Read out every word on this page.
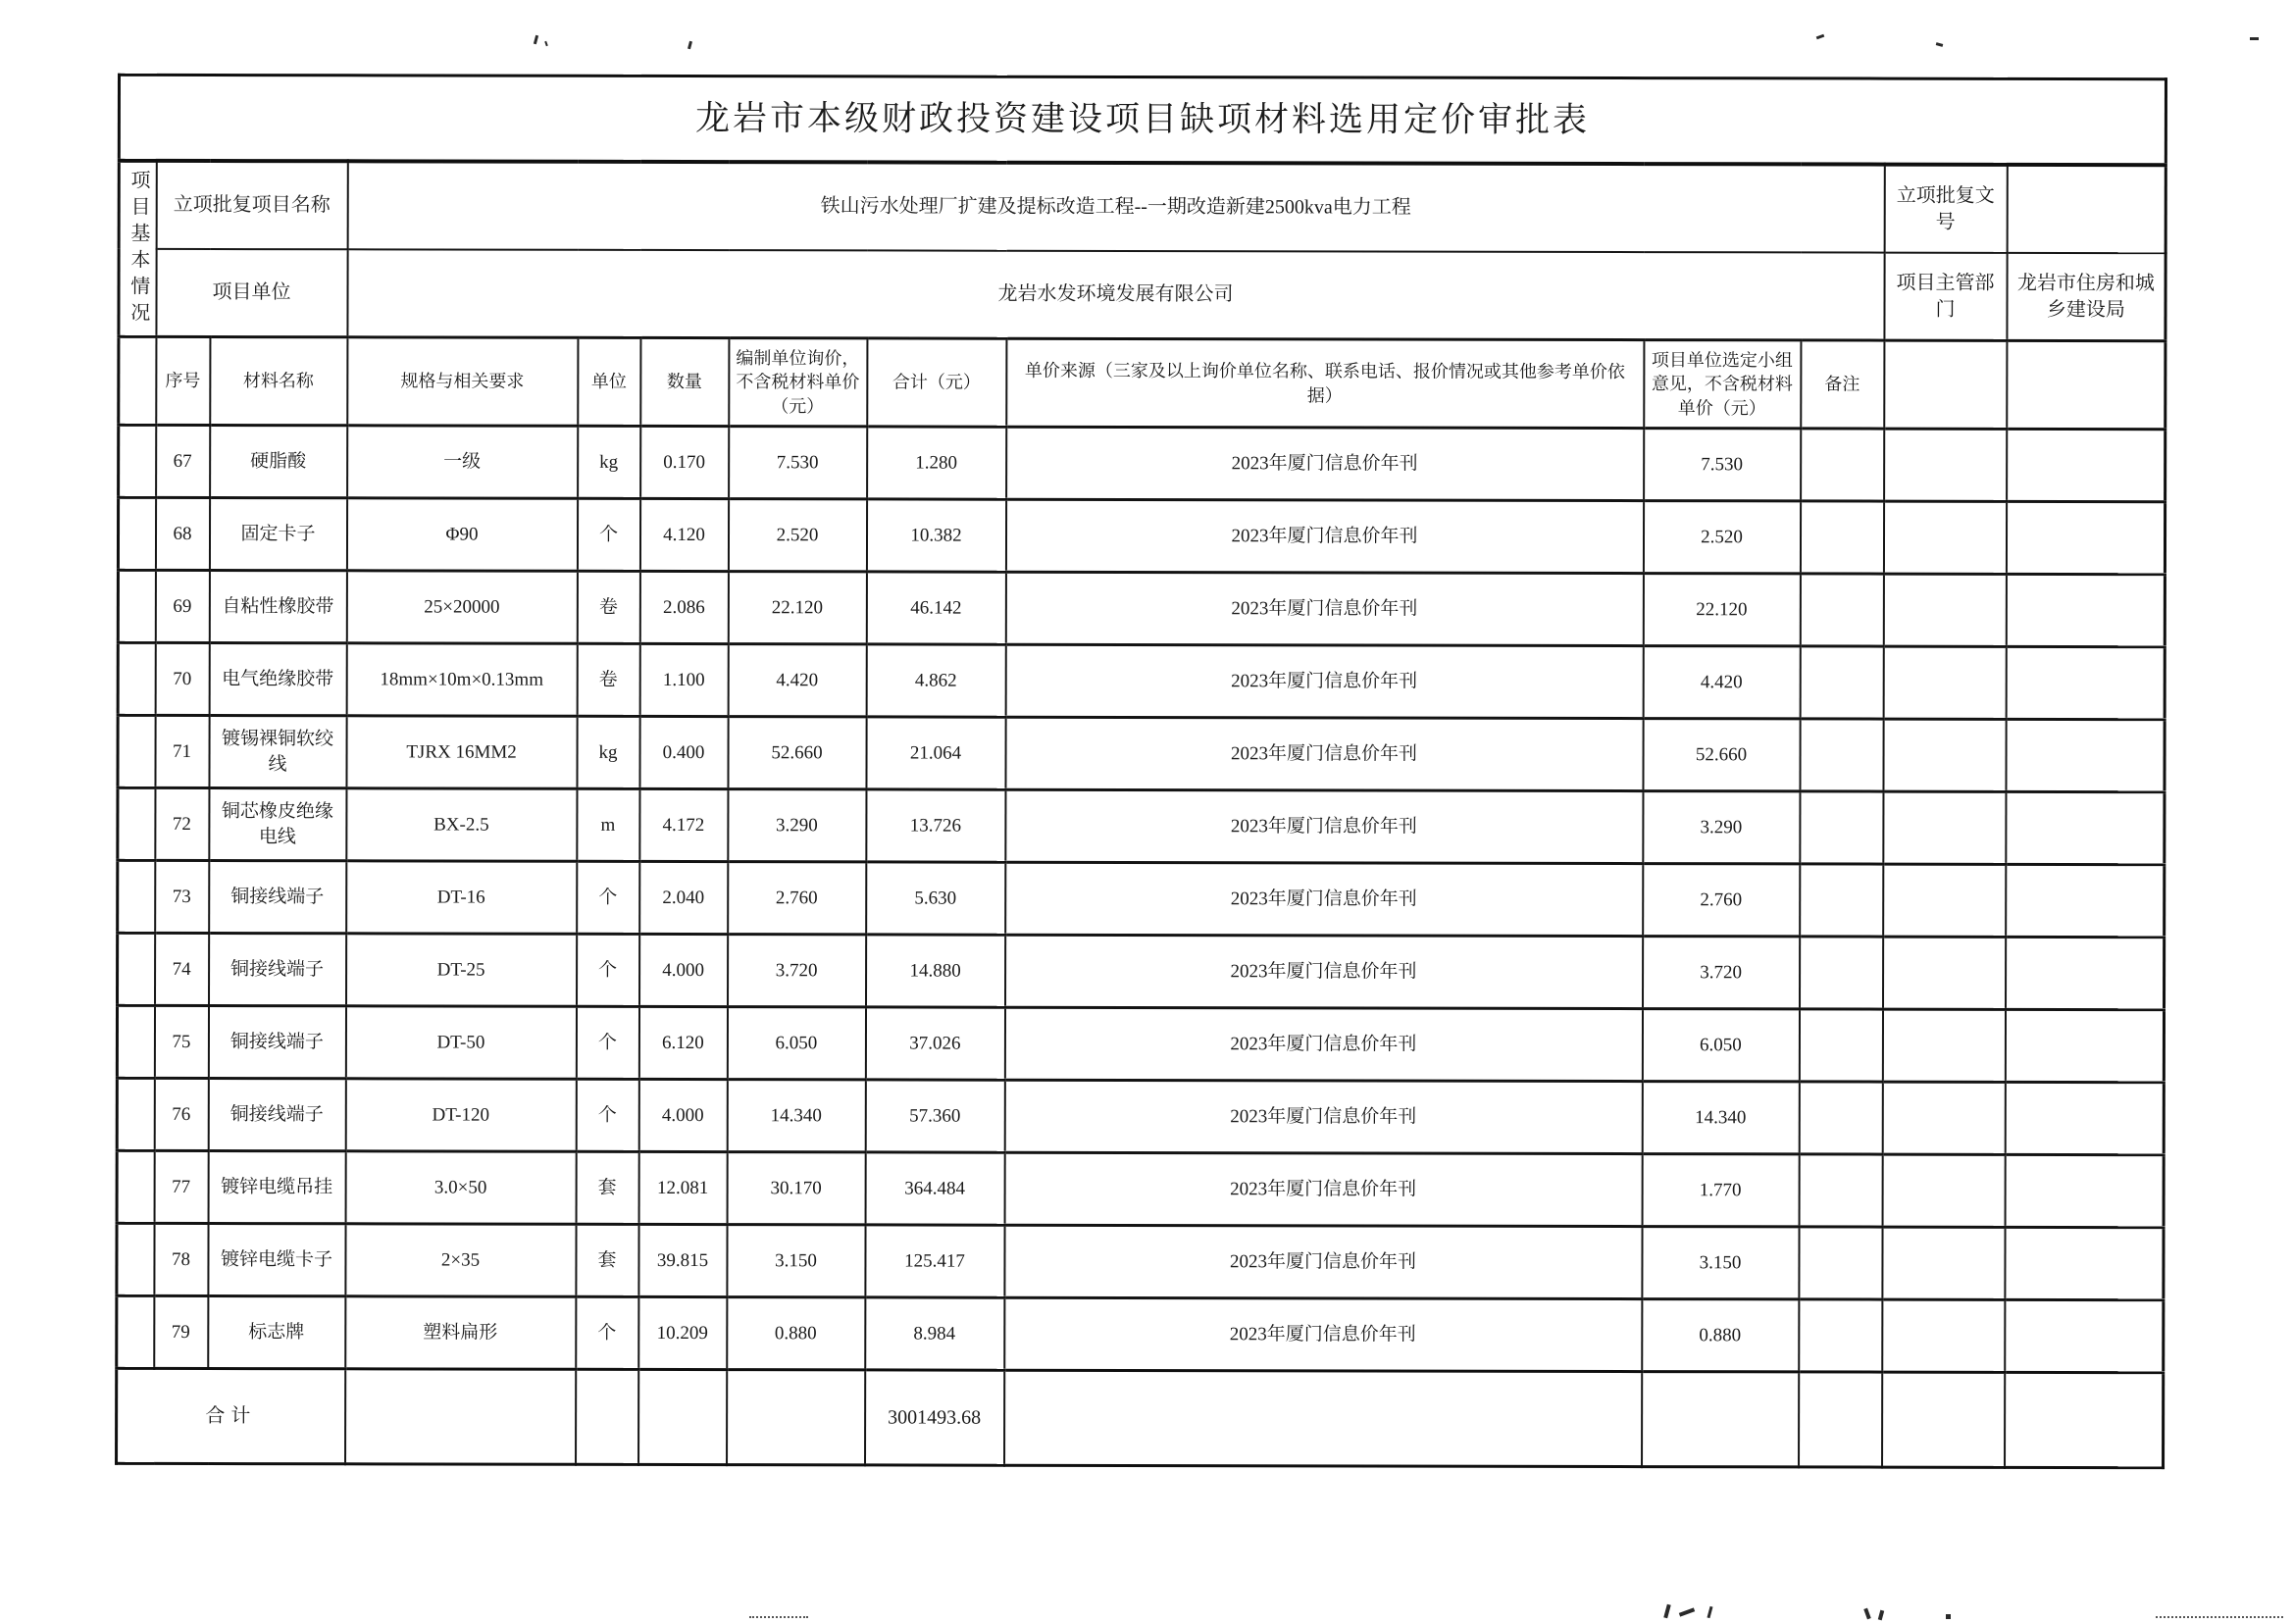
龙岩市本级财政投资建设项目缺项材料选用定价审批表												
项目基本情况	立项批复项目名称		铁山污水处理厂扩建及提标改造工程--一期改造新建2500kva电力工程								立项批复文号	
	项目单位		龙岩水发环境发展有限公司								项目主管部门	龙岩市住房和城乡建设局
	序号	材料名称	规格与相关要求	单位	数量	编制单位询价，不含税材料单价（元）	合计（元）	单价来源（三家及以上询价单位名称、联系电话、报价情况或其他参考单价依据）	项目单位选定小组意见，不含税材料单价（元）	备注		
	67	硬脂酸	一级	kg	0.170	7.530	1.280	2023年厦门信息价年刊	7.530			
	68	固定卡子	Φ90	个	4.120	2.520	10.382	2023年厦门信息价年刊	2.520			
	69	自粘性橡胶带	25×20000	卷	2.086	22.120	46.142	2023年厦门信息价年刊	22.120			
	70	电气绝缘胶带	18mm×10m×0.13mm	卷	1.100	4.420	4.862	2023年厦门信息价年刊	4.420			
	71	镀锡裸铜软绞线	TJRX 16MM2	kg	0.400	52.660	21.064	2023年厦门信息价年刊	52.660			
	72	铜芯橡皮绝缘电线	BX-2.5	m	4.172	3.290	13.726	2023年厦门信息价年刊	3.290			
	73	铜接线端子	DT-16	个	2.040	2.760	5.630	2023年厦门信息价年刊	2.760			
	74	铜接线端子	DT-25	个	4.000	3.720	14.880	2023年厦门信息价年刊	3.720			
	75	铜接线端子	DT-50	个	6.120	6.050	37.026	2023年厦门信息价年刊	6.050			
	76	铜接线端子	DT-120	个	4.000	14.340	57.360	2023年厦门信息价年刊	14.340			
	77	镀锌电缆吊挂	3.0×50	套	12.081	30.170	364.484	2023年厦门信息价年刊	1.770			
	78	镀锌电缆卡子	2×35	套	39.815	3.150	125.417	2023年厦门信息价年刊	3.150			
	79	标志牌	塑料扁形	个	10.209	0.880	8.984	2023年厦门信息价年刊	0.880			
合计							3001493.68					
